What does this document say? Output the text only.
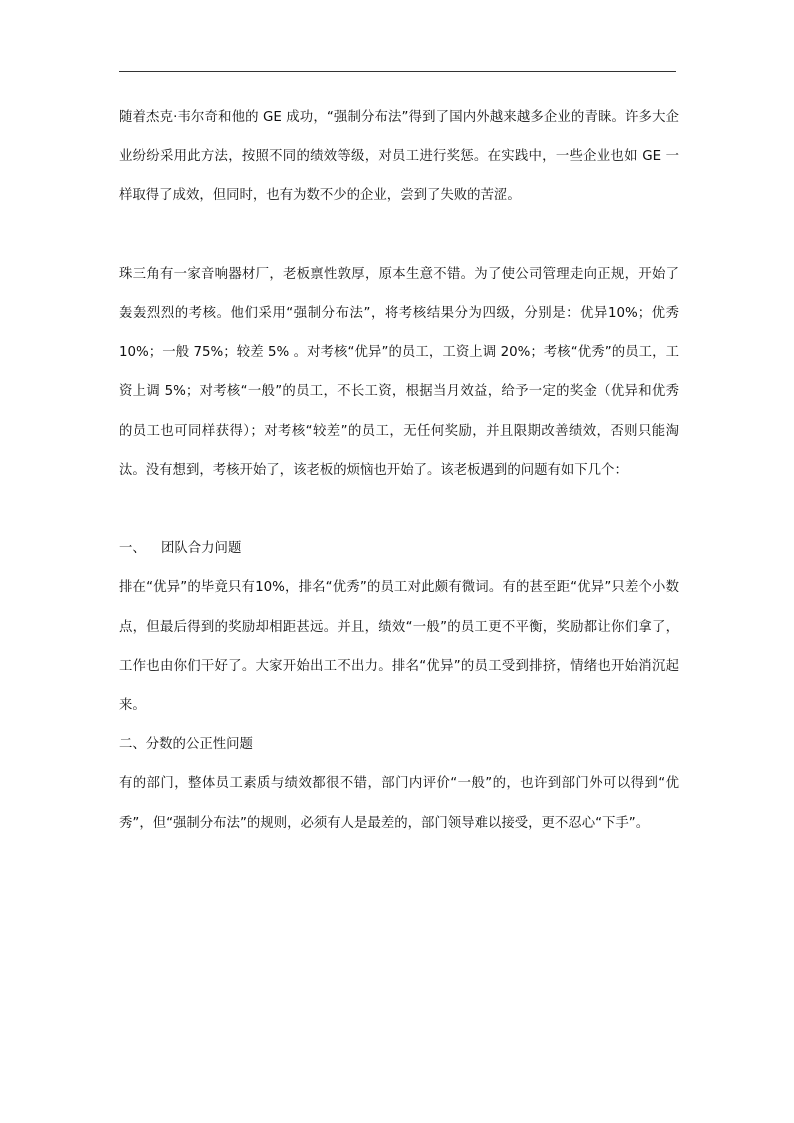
随着杰克·韦尔奇和他的 GE 成功，“强制分布法”得到了国内外越来越多企业的青睐。许多大企业纷纷采用此方法，按照不同的绩效等级，对员工进行奖惩。在实践中，一些企业也如 GE 一样取得了成效，但同时，也有为数不少的企业，尝到了失败的苦涩。

珠三角有一家音响器材厂，老板禀性敦厚，原本生意不错。为了使公司管理走向正规，开始了轰轰烈烈的考核。他们采用“强制分布法”，将考核结果分为四级，分别是：优异10%；优秀 10%；一般 75%；较差 5% 。对考核“优异”的员工，工资上调 20%；考核“优秀”的员工，工资上调 5%；对考核“一般”的员工，不长工资，根据当月效益，给予一定的奖金（优异和优秀的员工也可同样获得）；对考核“较差”的员工，无任何奖励，并且限期改善绩效，否则只能淘汰。没有想到，考核开始了，该老板的烦恼也开始了。该老板遇到的问题有如下几个：

一、	团队合力问题

排在“优异”的毕竟只有10%，排名“优秀”的员工对此颇有微词。有的甚至距“优异”只差个小数点，但最后得到的奖励却相距甚远。并且，绩效“一般”的员工更不平衡，奖励都让你们拿了，工作也由你们干好了。大家开始出工不出力。排名“优异”的员工受到排挤，情绪也开始消沉起来。

二、分数的公正性问题

有的部门，整体员工素质与绩效都很不错，部门内评价“一般”的，也许到部门外可以得到“优秀”，但“强制分布法”的规则，必须有人是最差的，部门领导难以接受，更不忍心“下手”。
